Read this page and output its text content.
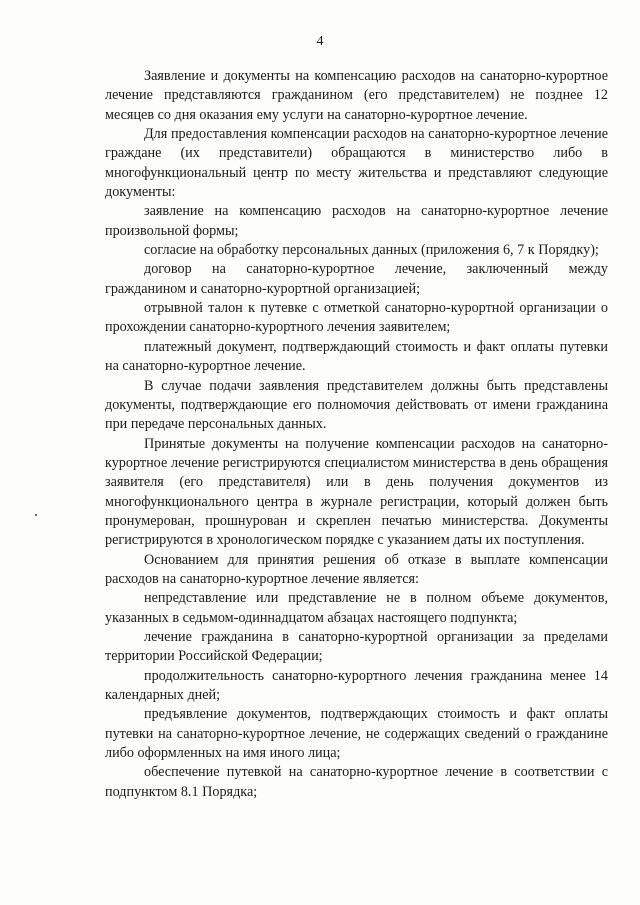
4

Заявление и документы на компенсацию расходов на санаторно-курортное лечение представляются гражданином (его представителем) не позднее 12 месяцев со дня оказания ему услуги на санаторно-курортное лечение.

Для предоставления компенсации расходов на санаторно-курортное лечение граждане (их представители) обращаются в министерство либо в многофункциональный центр по месту жительства и представляют следующие документы:

заявление на компенсацию расходов на санаторно-курортное лечение произвольной формы;

согласие на обработку персональных данных (приложения 6, 7 к Порядку);

договор на санаторно-курортное лечение, заключенный между гражданином и санаторно-курортной организацией;

отрывной талон к путевке с отметкой санаторно-курортной организации о прохождении санаторно-курортного лечения заявителем;

платежный документ, подтверждающий стоимость и факт оплаты путевки на санаторно-курортное лечение.

В случае подачи заявления представителем должны быть представлены документы, подтверждающие его полномочия действовать от имени гражданина при передаче персональных данных.

Принятые документы на получение компенсации расходов на санаторно-курортное лечение регистрируются специалистом министерства в день обращения заявителя (его представителя) или в день получения документов из многофункционального центра в журнале регистрации, который должен быть пронумерован, прошнурован и скреплен печатью министерства. Документы регистрируются в хронологическом порядке с указанием даты их поступления.

Основанием для принятия решения об отказе в выплате компенсации расходов на санаторно-курортное лечение является:

непредставление или представление не в полном объеме документов, указанных в седьмом-одиннадцатом абзацах настоящего подпункта;

лечение гражданина в санаторно-курортной организации за пределами территории Российской Федерации;

продолжительность санаторно-курортного лечения гражданина менее 14 календарных дней;

предъявление документов, подтверждающих стоимость и факт оплаты путевки на санаторно-курортное лечение, не содержащих сведений о гражданине либо оформленных на имя иного лица;

обеспечение путевкой на санаторно-курортное лечение в соответствии с подпунктом 8.1 Порядка;
